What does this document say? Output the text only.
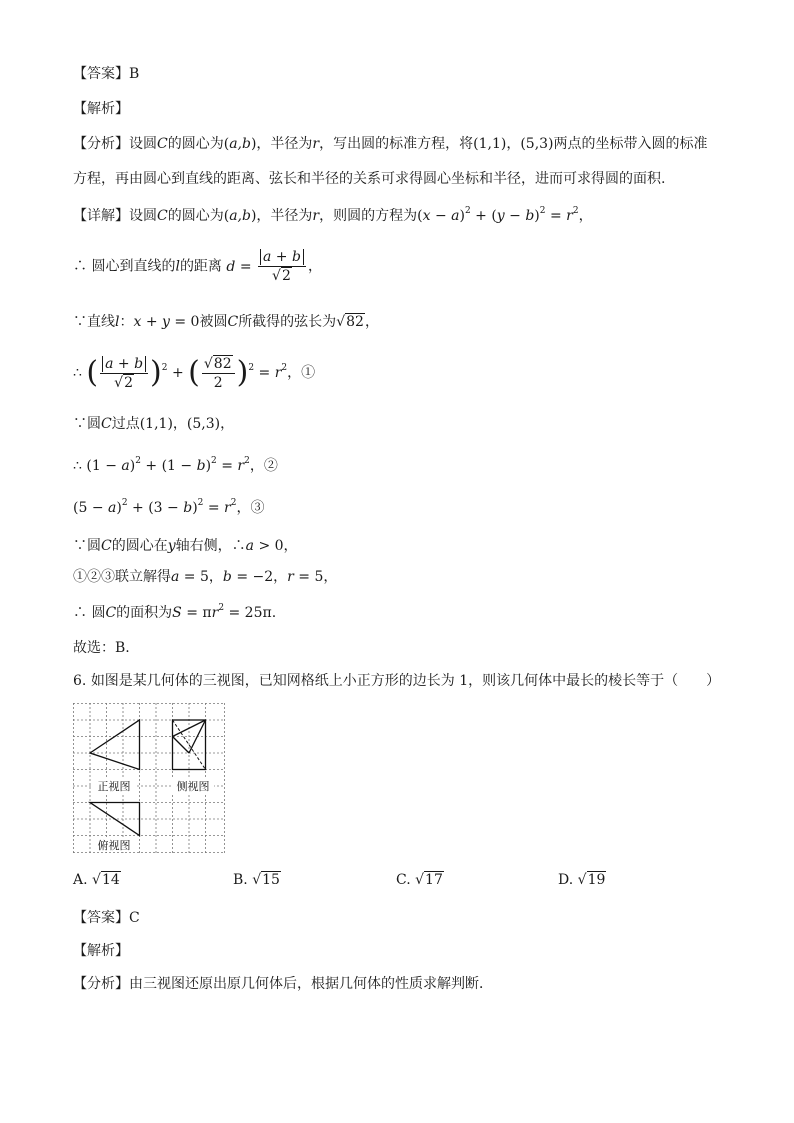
【答案】B
【解析】
【分析】设圆C的圆心为(a,b)，半径为r，写出圆的标准方程，将(1,1)，(5,3)两点的坐标带入圆的标准
方程，再由圆心到直线的距离、弦长和半径的关系可求得圆心坐标和半径，进而可求得圆的面积.
【详解】设圆C的圆心为(a,b)，半径为r，则圆的方程为$(x - a)^2 + (y - b)^2 = r^2$，
∴ 圆心到直线的l的距离 $d = \frac{a + b}{√2}$ ，
∵直线l：x + y = 0被圆C所截得的弦长为√82，
∴ ( $\frac{a + b}{√2} )^2$ + ( $\frac{√82}{2} )^2 = r^2$，①
∵圆C过点(1,1)，(5,3)，
∴ $(1 - a)^2 + (1 - b)^2 = r^2$，②
$(5 - a)^2 + (3 - b)^2 = r^2$，③
∵圆C的圆心在y轴右侧，∴a > 0，
①②③联立解得a = 5，b = −2，r = 5，
∴ 圆C的面积为$S = \pi r^2 = 25\pi$.
故选：B.
6. 如图是某几何体的三视图，已知网格纸上小正方形的边长为 1，则该几何体中最长的棱长等于（　　）
正视图	侧视图
俯视图
A. √14	B. √15	C. √17	D. √19
【答案】C
【解析】
【分析】由三视图还原出原几何体后，根据几何体的性质求解判断．
